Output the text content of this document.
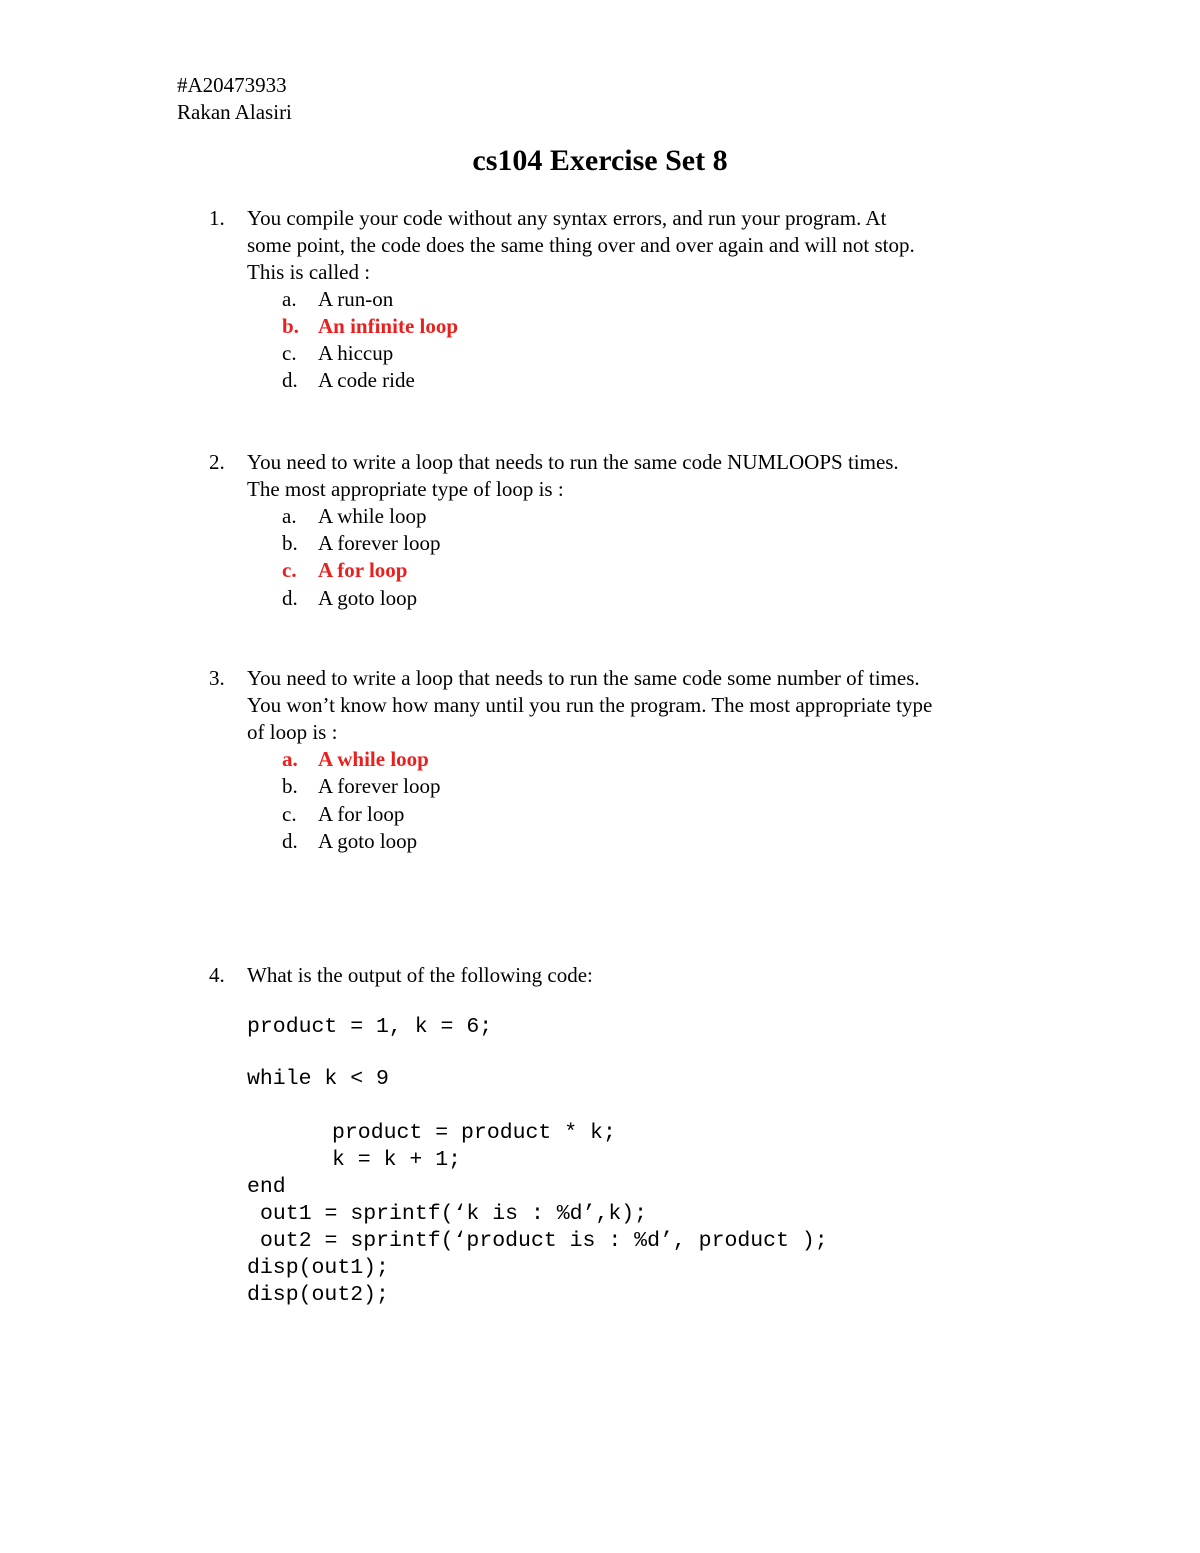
#A20473933
Rakan Alasiri
cs104 Exercise Set 8
1. You compile your code without any syntax errors, and run your program. At
some point, the code does the same thing over and over again and will not stop.
This is called :
a. A run-on
b. An infinite loop
c. A hiccup
d. A code ride
2. You need to write a loop that needs to run the same code NUMLOOPS times.
The most appropriate type of loop is :
a. A while loop
b. A forever loop
c. A for loop
d. A goto loop
3. You need to write a loop that needs to run the same code some number of times.
You won’t know how many until you run the program. The most appropriate type
of loop is :
a. A while loop
b. A forever loop
c. A for loop
d. A goto loop
4. What is the output of the following code:
product = 1, k = 6;
while k < 9
product = product * k;
k = k + 1;
end
out1 = sprintf(‘k is : %d’,k);
out2 = sprintf(‘product is : %d’, product );
disp(out1);
disp(out2);
